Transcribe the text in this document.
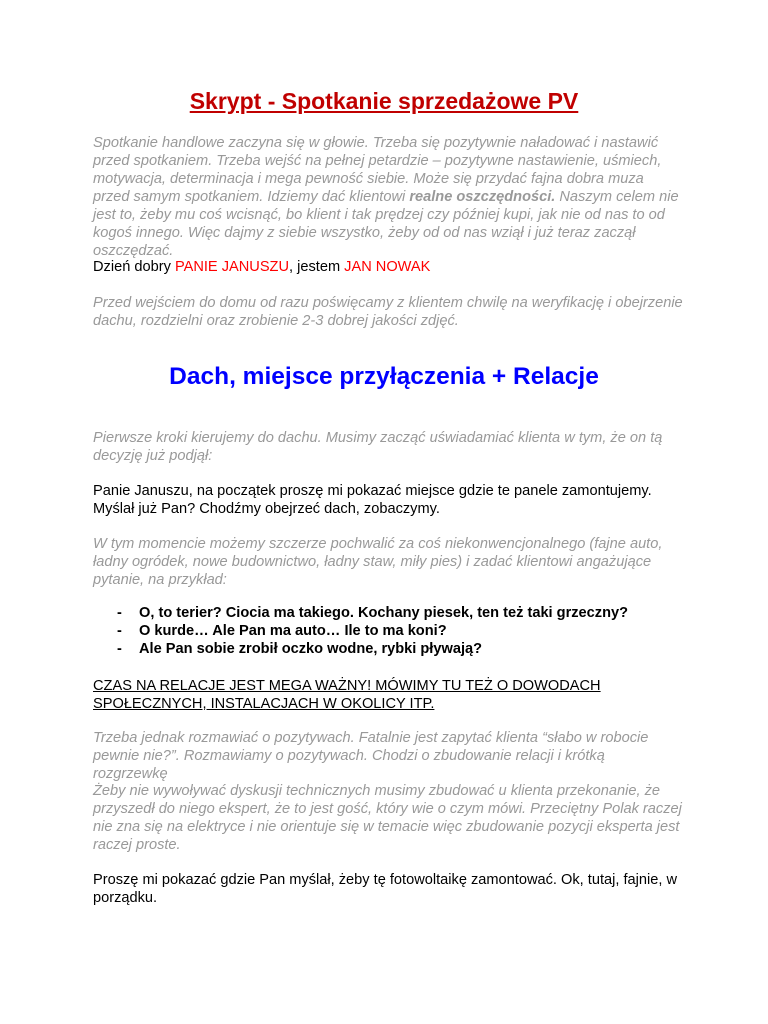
Skrypt - Spotkanie sprzedażowe PV

Spotkanie handlowe zaczyna się w głowie. Trzeba się pozytywnie naładować i nastawić przed spotkaniem. Trzeba wejść na pełnej petardzie – pozytywne nastawienie, uśmiech, motywacja, determinacja i mega pewność siebie. Może się przydać fajna dobra muza przed samym spotkaniem. Idziemy dać klientowi realne oszczędności. Naszym celem nie jest to, żeby mu coś wcisnąć, bo klient i tak prędzej czy później kupi, jak nie od nas to od kogoś innego. Więc dajmy z siebie wszystko, żeby od od nas wziął i już teraz zaczął oszczędzać.

Dzień dobry PANIE JANUSZU, jestem JAN NOWAK

Przed wejściem do domu od razu poświęcamy z klientem chwilę na weryfikację i obejrzenie dachu, rozdzielni oraz zrobienie 2-3 dobrej jakości zdjęć.

Dach, miejsce przyłączenia + Relacje

Pierwsze kroki kierujemy do dachu. Musimy zacząć uświadamiać klienta w tym, że on tą decyzję już podjął:

Panie Januszu, na początek proszę mi pokazać miejsce gdzie te panele zamontujemy. Myślał już Pan? Chodźmy obejrzeć dach, zobaczymy.

W tym momencie możemy szczerze pochwalić za coś niekonwencjonalnego (fajne auto, ładny ogródek, nowe budownictwo, ładny staw, miły pies) i zadać klientowi angażujące pytanie, na przykład:

- O, to terier? Ciocia ma takiego. Kochany piesek, ten też taki grzeczny?
- O kurde… Ale Pan ma auto… Ile to ma koni?
- Ale Pan sobie zrobił oczko wodne, rybki pływają?

CZAS NA RELACJE JEST MEGA WAŻNY! MÓWIMY TU TEŻ O DOWODACH SPOŁECZNYCH, INSTALACJACH W OKOLICY ITP.

Trzeba jednak rozmawiać o pozytywach. Fatalnie jest zapytać klienta “słabo w robocie pewnie nie?”. Rozmawiamy o pozytywach. Chodzi o zbudowanie relacji i krótką rozgrzewkę

Żeby nie wywoływać dyskusji technicznych musimy zbudować u klienta przekonanie, że przyszedł do niego ekspert, że to jest gość, który wie o czym mówi. Przeciętny Polak raczej nie zna się na elektryce i nie orientuje się w temacie więc zbudowanie pozycji eksperta jest raczej proste.

Proszę mi pokazać gdzie Pan myślał, żeby tę fotowoltaikę zamontować. Ok, tutaj, fajnie, w porządku.
